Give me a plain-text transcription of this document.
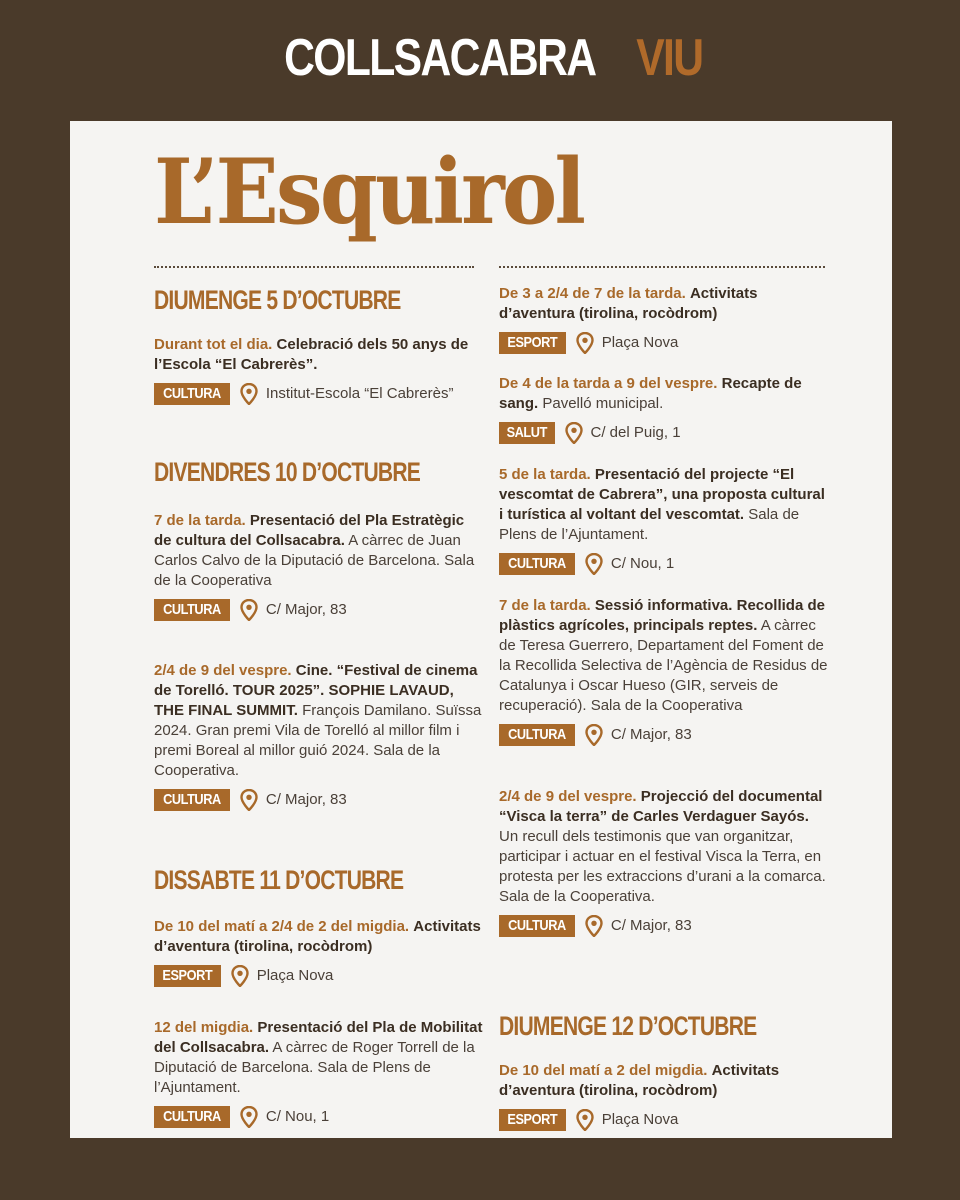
COLLSACABRA VIU
L’Esquirol
DIUMENGE 5 D’OCTUBRE
Durant tot el dia. Celebració dels 50 anys de l’Escola “El Cabrerès”.
CULTURA	Institut-Escola “El Cabrerès”
DIVENDRES 10 D’OCTUBRE
7 de la tarda. Presentació del Pla Estratègic de cultura del Collsacabra. A càrrec de Juan Carlos Calvo de la Diputació de Barcelona. Sala de la Cooperativa
CULTURA	C/ Major, 83
2/4 de 9 del vespre. Cine. “Festival de cinema de Torelló. TOUR 2025”. SOPHIE LAVAUD, THE FINAL SUMMIT. François Damilano. Suïssa 2024. Gran premi Vila de Torelló al millor film i premi Boreal al millor guió 2024. Sala de la Cooperativa.
CULTURA	C/ Major, 83
DISSABTE 11 D’OCTUBRE
De 10 del matí a 2/4 de 2 del migdia. Activitats d’aventura (tirolina, rocòdrom)
ESPORT	Plaça Nova
12 del migdia. Presentació del Pla de Mobilitat del Collsacabra. A càrrec de Roger Torrell de la Diputació de Barcelona. Sala de Plens de l’Ajuntament.
CULTURA	C/ Nou, 1
De 3 a 2/4 de 7 de la tarda. Activitats d’aventura (tirolina, rocòdrom)
ESPORT	Plaça Nova
De 4 de la tarda a 9 del vespre. Recapte de sang. Pavelló municipal.
SALUT	C/ del Puig, 1
5 de la tarda. Presentació del projecte “El vescomtat de Cabrera”, una proposta cultural i turística al voltant del vescomtat. Sala de Plens de l’Ajuntament.
CULTURA	C/ Nou, 1
7 de la tarda. Sessió informativa. Recollida de plàstics agrícoles, principals reptes. A càrrec de Teresa Guerrero, Departament del Foment de la Recollida Selectiva de l’Agència de Residus de Catalunya i Oscar Hueso (GIR, serveis de recuperació). Sala de la Cooperativa
CULTURA	C/ Major, 83
2/4 de 9 del vespre. Projecció del documental “Visca la terra” de Carles Verdaguer Sayós. Un recull dels testimonis que van organitzar, participar i actuar en el festival Visca la Terra, en protesta per les extraccions d’urani a la comarca. Sala de la Cooperativa.
CULTURA	C/ Major, 83
DIUMENGE 12 D’OCTUBRE
De 10 del matí a 2 del migdia. Activitats d’aventura (tirolina, rocòdrom)
ESPORT	Plaça Nova
